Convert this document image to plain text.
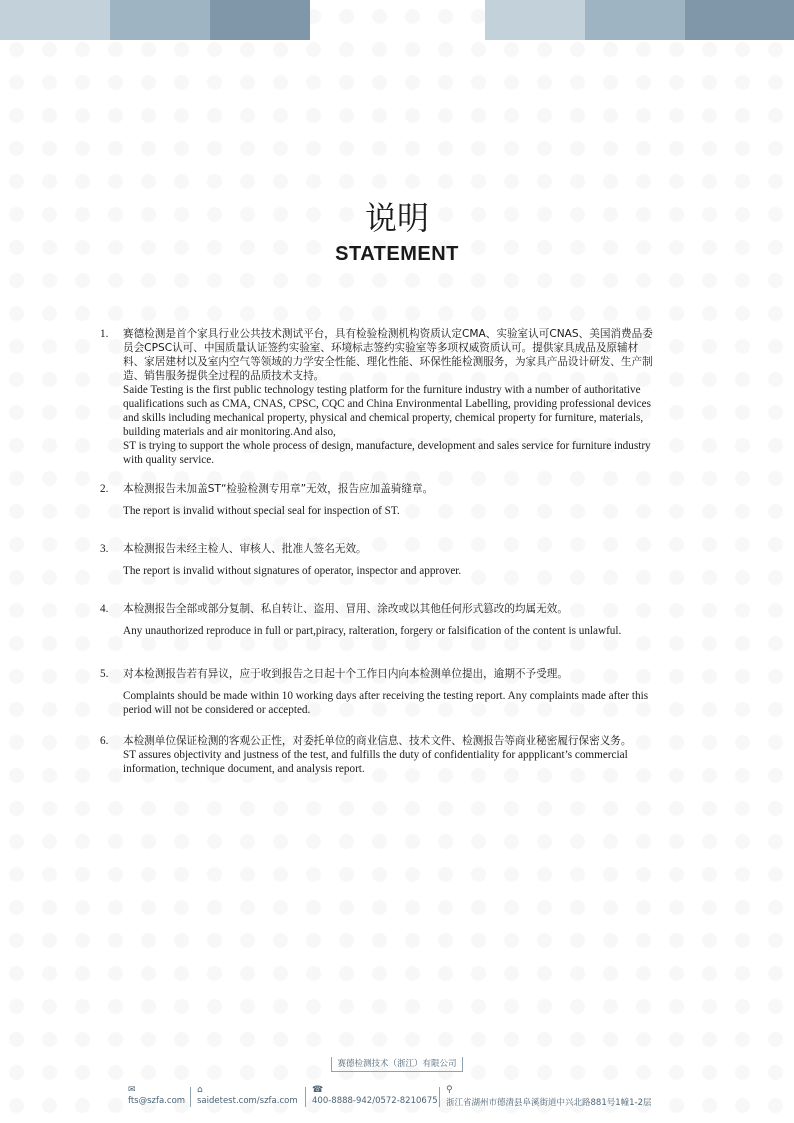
说明
STATEMENT
1.	赛德检测是首个家具行业公共技术测试平台，具有检验检测机构资质认定CMA、实验室认可CNAS、美国消费品委员会CPSC认可、中国质量认证签约实验室、环境标志签约实验室等多项权威资质认可。提供家具成品及原辅材料、家居建材以及室内空气等领域的力学安全性能、理化性能、环保性能检测服务，为家具产品设计研发、生产制造、销售服务提供全过程的品质技术支持。
Saide Testing is the first public technology testing platform for the furniture industry with a number of authoritative qualifications such as CMA, CNAS, CPSC, CQC and China Environmental Labelling, providing professional devices and skills including mechanical property, physical and chemical property, chemical property for furniture, materials, building materials and air monitoring.And also,
ST is trying to support the whole process of design, manufacture, development and sales service for furniture industry with quality service.
2.	本检测报告未加盖ST“检验检测专用章”无效，报告应加盖骑缝章。
The report is invalid without special seal for inspection of ST.
3.	本检测报告未经主检人、审核人、批准人签名无效。
The report is invalid without signatures of operator, inspector and approver.
4.	本检测报告全部或部分复制、私自转让、盗用、冒用、涂改或以其他任何形式篡改的均属无效。
Any unauthorized reproduce in full or part,piracy, ralteration, forgery or falsification of the content is unlawful.
5.	对本检测报告若有异议，应于收到报告之日起十个工作日内向本检测单位提出，逾期不予受理。
Complaints should be made within 10 working days after receiving the testing report. Any complaints made after this period will not be considered or accepted.
6.	本检测单位保证检测的客观公正性，对委托单位的商业信息、技术文件、检测报告等商业秘密履行保密义务。
ST assures objectivity and justness of the test, and fulfills the duty of confidentiality for appplicant’s commercial information, technique document, and analysis report.
赛德检测技术（浙江）有限公司
✉
fts@szfa.com
⌂
saidetest.com/szfa.com
☎
400-8888-942/0572-8210675
⚲
浙江省湖州市德清县阜溪街道中兴北路881号1幢1-2层
